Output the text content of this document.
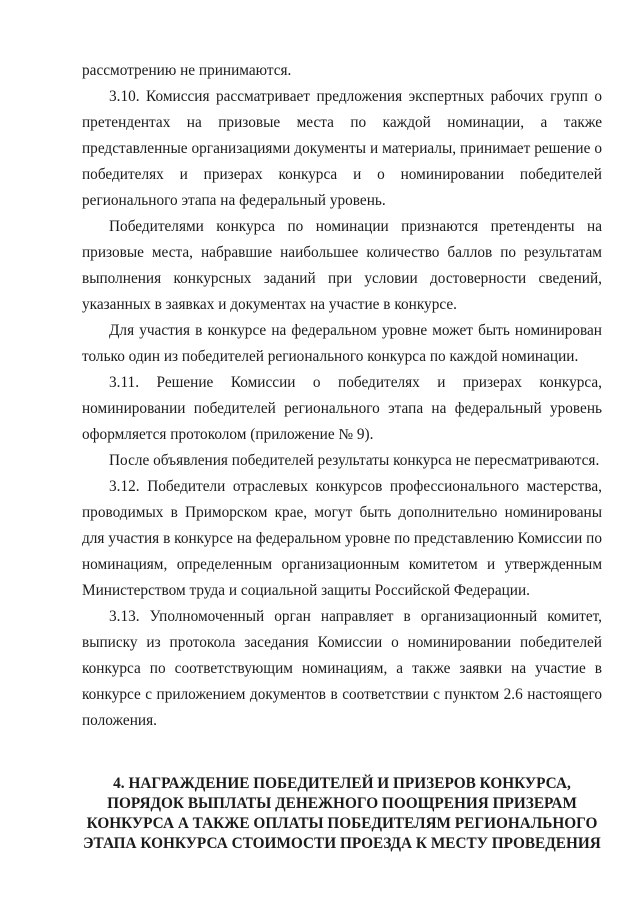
рассмотрению не принимаются.

3.10. Комиссия рассматривает предложения экспертных рабочих групп о претендентах на призовые места по каждой номинации, а также представленные организациями документы и материалы, принимает решение о победителях и призерах конкурса и о номинировании победителей регионального этапа на федеральный уровень.

Победителями конкурса по номинации признаются претенденты на призовые места, набравшие наибольшее количество баллов по результатам выполнения конкурсных заданий при условии достоверности сведений, указанных в заявках и документах на участие в конкурсе.

Для участия в конкурсе на федеральном уровне может быть номинирован только один из победителей регионального конкурса по каждой номинации.

3.11. Решение Комиссии о победителях и призерах конкурса, номинировании победителей регионального этапа на федеральный уровень оформляется протоколом (приложение № 9).

После объявления победителей результаты конкурса не пересматриваются.

3.12. Победители отраслевых конкурсов профессионального мастерства, проводимых в Приморском крае, могут быть дополнительно номинированы для участия в конкурсе на федеральном уровне по представлению Комиссии по номинациям, определенным организационным комитетом и утвержденным Министерством труда и социальной защиты Российской Федерации.

3.13. Уполномоченный орган направляет в организационный комитет, выписку из протокола заседания Комиссии о номинировании победителей конкурса по соответствующим номинациям, а также заявки на участие в конкурсе с приложением документов в соответствии с пунктом 2.6 настоящего положения.

4. НАГРАЖДЕНИЕ ПОБЕДИТЕЛЕЙ И ПРИЗЕРОВ КОНКУРСА,
ПОРЯДОК ВЫПЛАТЫ ДЕНЕЖНОГО ПООЩРЕНИЯ ПРИЗЕРАМ
КОНКУРСА А ТАКЖЕ ОПЛАТЫ ПОБЕДИТЕЛЯМ РЕГИОНАЛЬНОГО
ЭТАПА КОНКУРСА СТОИМОСТИ ПРОЕЗДА К МЕСТУ ПРОВЕДЕНИЯ
